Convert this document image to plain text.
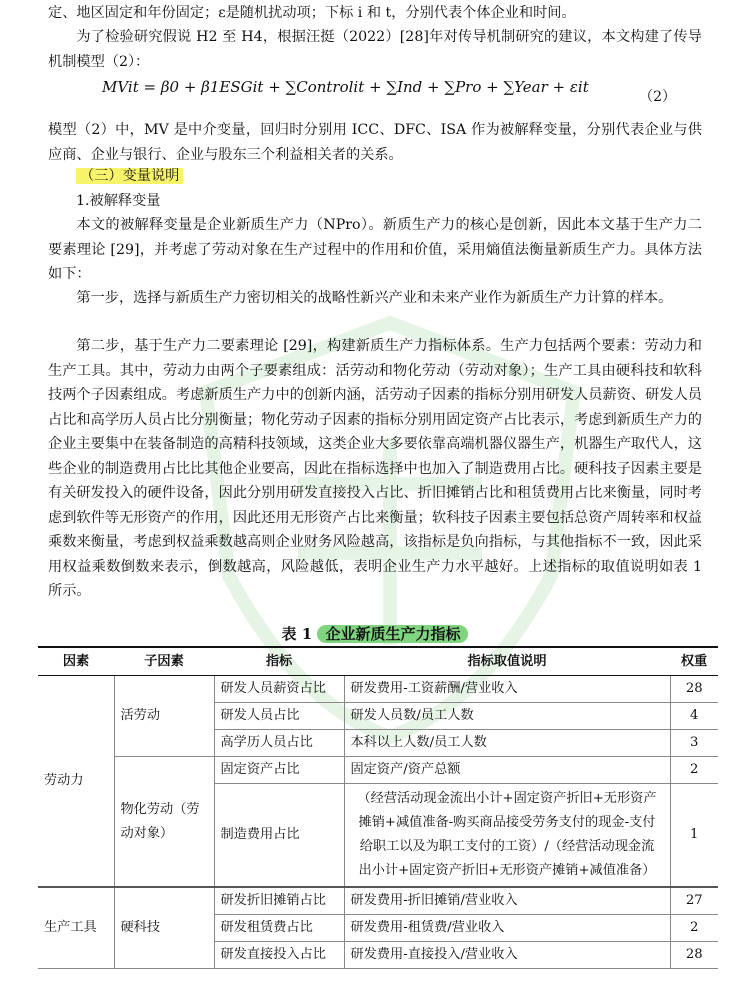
定、地区固定和年份固定；ε是随机扰动项；下标 i 和 t，分别代表个体企业和时间。
为了检验研究假说 H2 至 H4，根据汪挺（2022）[28]年对传导机制研究的建议，本文构建了传导机制模型（2）：
MVit = β0 + β1ESGit + ∑Controlit + ∑Ind + ∑Pro + ∑Year + εit
（2）
模型（2）中，MV 是中介变量，回归时分别用 ICC、DFC、ISA 作为被解释变量，分别代表企业与供应商、企业与银行、企业与股东三个利益相关者的关系。
（三）变量说明
1.被解释变量
本文的被解释变量是企业新质生产力（NPro）。新质生产力的核心是创新，因此本文基于生产力二要素理论 [29]，并考虑了劳动对象在生产过程中的作用和价值，采用熵值法衡量新质生产力。具体方法如下：
第一步，选择与新质生产力密切相关的战略性新兴产业和未来产业作为新质生产力计算的样本。
第二步，基于生产力二要素理论 [29]，构建新质生产力指标体系。生产力包括两个要素：劳动力和生产工具。其中，劳动力由两个子要素组成：活劳动和物化劳动（劳动对象）；生产工具由硬科技和软科技两个子因素组成。考虑新质生产力中的创新内涵，活劳动子因素的指标分别用研发人员薪资、研发人员占比和高学历人员占比分别衡量；物化劳动子因素的指标分别用固定资产占比表示，考虑到新质生产力的企业主要集中在装备制造的高精科技领域，这类企业大多要依靠高端机器仪器生产，机器生产取代人，这些企业的制造费用占比比其他企业要高，因此在指标选择中也加入了制造费用占比。硬科技子因素主要是有关研发投入的硬件设备，因此分别用研发直接投入占比、折旧摊销占比和租赁费用占比来衡量，同时考虑到软件等无形资产的作用，因此还用无形资产占比来衡量；软科技子因素主要包括总资产周转率和权益乘数来衡量，考虑到权益乘数越高则企业财务风险越高，该指标是负向指标，与其他指标不一致，因此采用权益乘数倒数来表示，倒数越高，风险越低，表明企业生产力水平越好。上述指标的取值说明如表 1 所示。
表 1 企业新质生产力指标
因素	子因素	指标	指标取值说明	权重
劳动力	活劳动	研发人员薪资占比	研发费用-工资薪酬/营业收入	28
		研发人员占比	研发人员数/员工人数	4
		高学历人员占比	本科以上人数/员工人数	3
	物化劳动（劳动对象）	固定资产占比	固定资产/资产总额	2
		制造费用占比	（经营活动现金流出小计+固定资产折旧+无形资产摊销+减值准备-购买商品接受劳务支付的现金-支付给职工以及为职工支付的工资）/（经营活动现金流出小计+固定资产折旧+无形资产摊销+减值准备）	1
生产工具	硬科技	研发折旧摊销占比	研发费用-折旧摊销/营业收入	27
		研发租赁费占比	研发费用-租赁费/营业收入	2
		研发直接投入占比	研发费用-直接投入/营业收入	28
